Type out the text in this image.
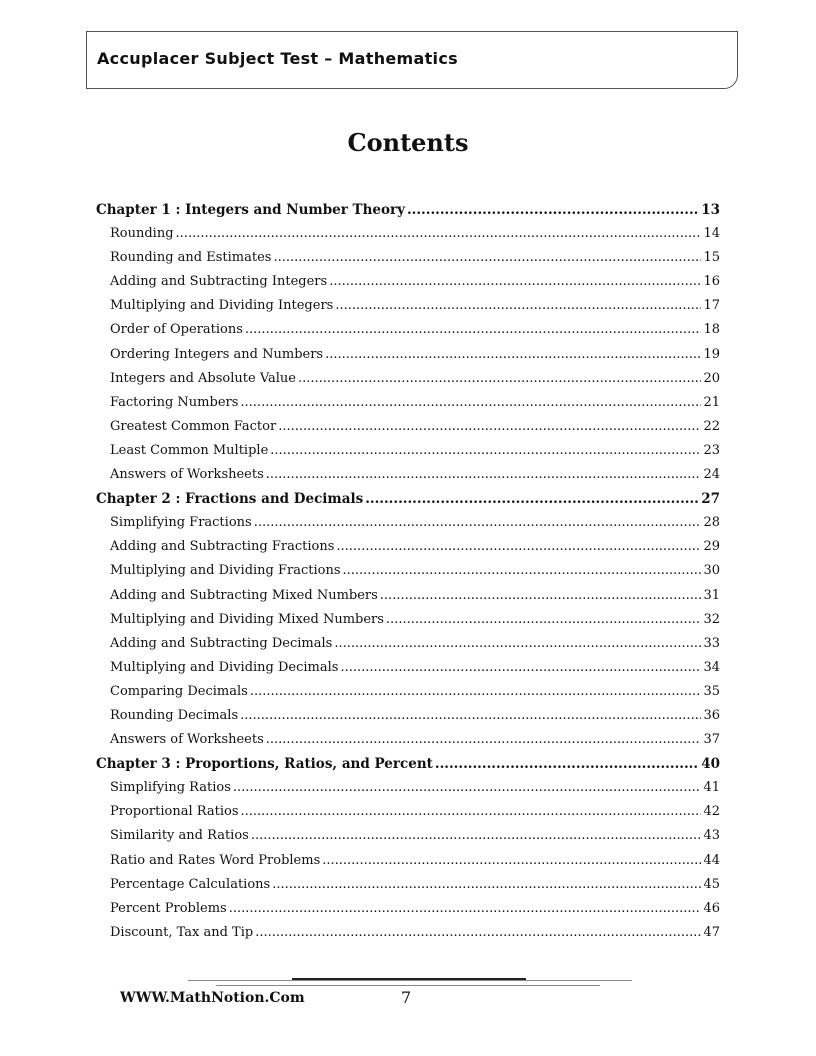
Accuplacer Subject Test – Mathematics
Contents
Chapter 1 : Integers and Number Theory .....	13
Rounding .....	14
Rounding and Estimates .....	15
Adding and Subtracting Integers .....	16
Multiplying and Dividing Integers .....	17
Order of Operations .....	18
Ordering Integers and Numbers .....	19
Integers and Absolute Value .....	20
Factoring Numbers .....	21
Greatest Common Factor .....	22
Least Common Multiple .....	23
Answers of Worksheets .....	24
Chapter 2 : Fractions and Decimals .....	27
Simplifying Fractions .....	28
Adding and Subtracting Fractions .....	29
Multiplying and Dividing Fractions .....	30
Adding and Subtracting Mixed Numbers .....	31
Multiplying and Dividing Mixed Numbers .....	32
Adding and Subtracting Decimals .....	33
Multiplying and Dividing Decimals .....	34
Comparing Decimals .....	35
Rounding Decimals .....	36
Answers of Worksheets .....	37
Chapter 3 : Proportions, Ratios, and Percent .....	40
Simplifying Ratios .....	41
Proportional Ratios .....	42
Similarity and Ratios .....	43
Ratio and Rates Word Problems .....	44
Percentage Calculations .....	45
Percent Problems .....	46
Discount, Tax and Tip .....	47
WWW.MathNotion.Com	7
